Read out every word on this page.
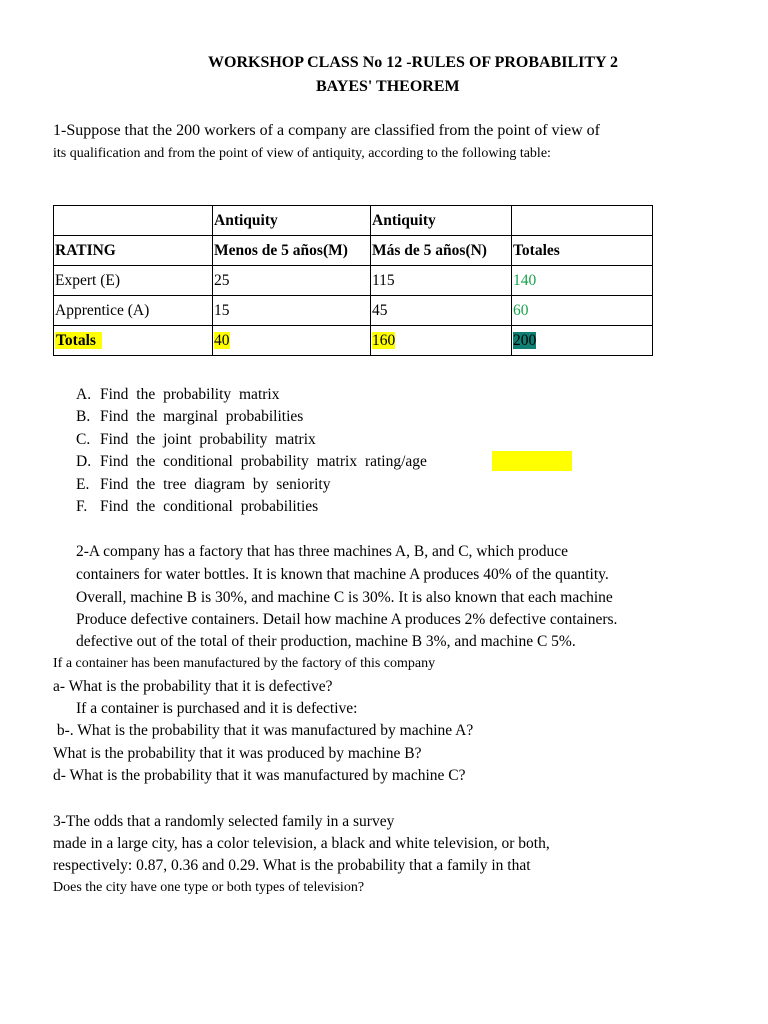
WORKSHOP CLASS No 12 -RULES OF PROBABILITY 2
BAYES' THEOREM
1-Suppose that the 200 workers of a company are classified from the point of view of
its qualification and from the point of view of antiquity, according to the following table:
	Antiquity	Antiquity	
RATING	Menos de 5 años(M)	Más de 5 años(N)	Totales
Expert (E)	25	115	140
Apprentice (A)	15	45	60
Totals	40	160	200
A. Find the probability matrix
B. Find the marginal probabilities
C. Find the joint probability matrix
D. Find the conditional probability matrix rating/age
E. Find the tree diagram by seniority
F. Find the conditional probabilities
2-A company has a factory that has three machines A, B, and C, which produce
containers for water bottles. It is known that machine A produces 40% of the quantity.
Overall, machine B is 30%, and machine C is 30%. It is also known that each machine
Produce defective containers. Detail how machine A produces 2% defective containers.
defective out of the total of their production, machine B 3%, and machine C 5%.
If a container has been manufactured by the factory of this company
a- What is the probability that it is defective?
If a container is purchased and it is defective:
b-. What is the probability that it was manufactured by machine A?
What is the probability that it was produced by machine B?
d- What is the probability that it was manufactured by machine C?
3-The odds that a randomly selected family in a survey
made in a large city, has a color television, a black and white television, or both,
respectively: 0.87, 0.36 and 0.29. What is the probability that a family in that
Does the city have one type or both types of television?
